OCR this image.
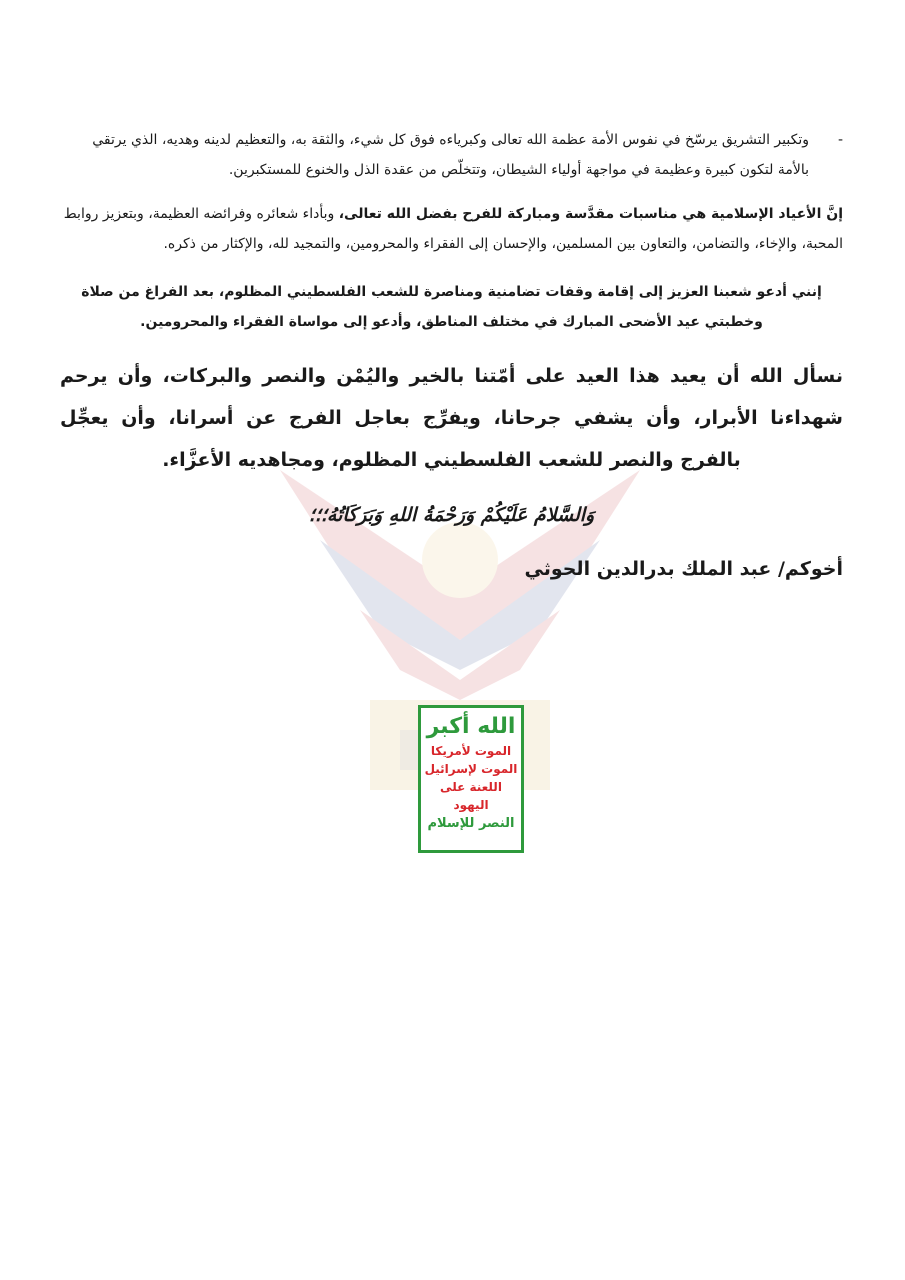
-
وتكبير التشريق يرسّخ في نفوس الأمة عظمة الله تعالى وكبرياءه فوق كل شيء، والثقة به، والتعظيم لدينه وهديه، الذي يرتقي بالأمة لتكون كبيرة وعظيمة في مواجهة أولياء الشيطان، وتتخلّص من عقدة الذل والخنوع للمستكبرين.

إنَّ الأعياد الإسلامية هي مناسبات مقدَّسة ومباركة للفرح بفضل الله تعالى، وبأداء شعائره وفرائضه العظيمة، وبتعزيز روابط المحبة، والإخاء، والتضامن، والتعاون بين المسلمين، والإحسان إلى الفقراء والمحرومين، والتمجيد لله، والإكثار من ذكره.

إنني أدعو شعبنا العزيز إلى إقامة وقفات تضامنية ومناصرة للشعب الفلسطيني المظلوم، بعد الفراغ من صلاة وخطبتي عيد الأضحى المبارك في مختلف المناطق، وأدعو إلى مواساة الفقراء والمحرومين.

نسأل الله أن يعيد هذا العيد على أمّتنا بالخير واليُمْن والنصر والبركات، وأن يرحم شهداءنا الأبرار، وأن يشفي جرحانا، ويفرِّج بعاجل الفرج عن أسرانا، وأن يعجِّل بالفرج والنصر للشعب الفلسطيني المظلوم، ومجاهديه الأعزَّاء.

وَالسَّلامُ عَلَيْكُمْ وَرَحْمَةُ اللهِ وَبَرَكَاتُهُ؛؛؛

أخوكم/ عبد الملك بدرالدين الحوثي

الله أكبر
الموت لأمريكا
الموت لإسرائيل
اللعنة على اليهود
النصر للإسلام
